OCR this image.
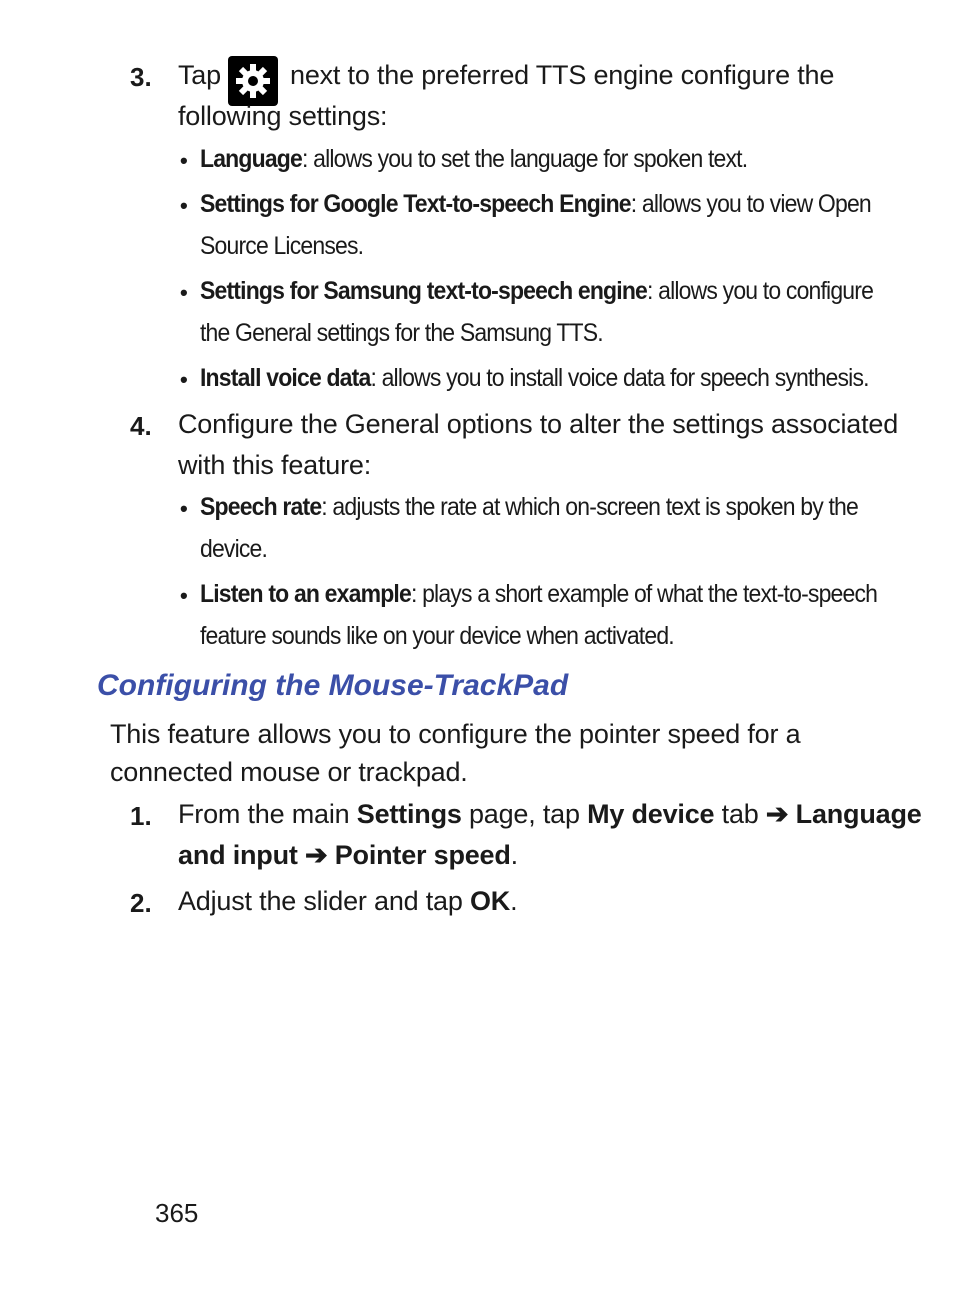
3. Tap	next to the preferred TTS engine configure the
following settings:
• Language: allows you to set the language for spoken text.
• Settings for Google Text-to-speech Engine: allows you to view Open
Source Licenses.
• Settings for Samsung text-to-speech engine: allows you to configure
the General settings for the Samsung TTS.
• Install voice data: allows you to install voice data for speech synthesis.
4. Configure the General options to alter the settings associated
with this feature:
• Speech rate: adjusts the rate at which on-screen text is spoken by the
device.
• Listen to an example: plays a short example of what the text-to-speech
feature sounds like on your device when activated.
Configuring the Mouse-TrackPad
This feature allows you to configure the pointer speed for a
connected mouse or trackpad.
1. From the main Settings page, tap My device tab ➔ Language
and input ➔ Pointer speed.
2. Adjust the slider and tap OK.
365
